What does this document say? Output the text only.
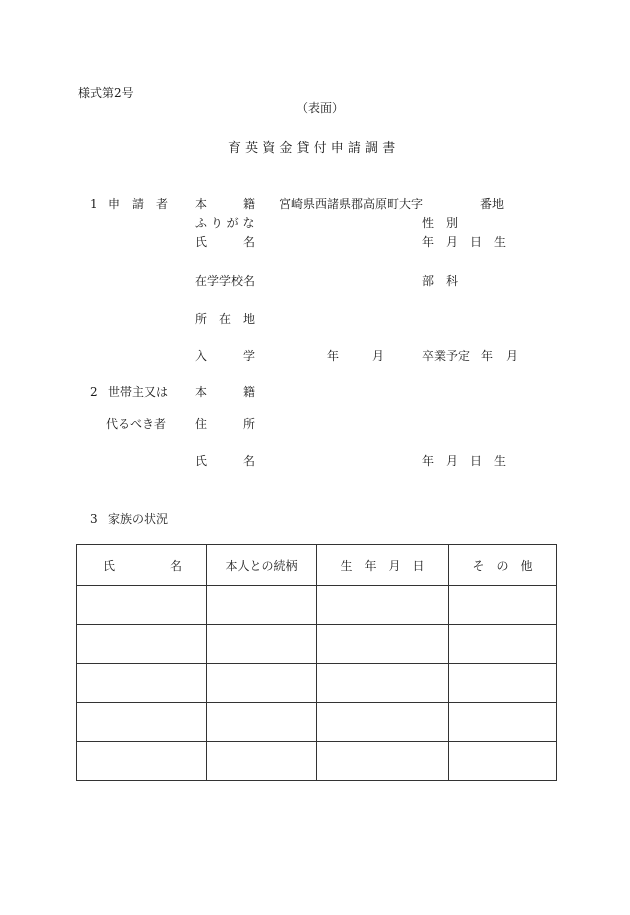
様式第2号
（表面）
育 英 資 金 貸 付 申 請 調 書
1 申　請　者 本　　　籍 宮崎県西諸県郡高原町大字	番地
ふ り が な	性　別
氏　　　名	年　月　日　生
在学学校名	部　科
所　在　地
入　　　学	年	月	卒業予定 年 月
2 世帯主又は 本　　　籍
代るべき者 住　　　所
氏　　　名	年　月　日　生
3 家族の状況
氏 名	本人との続柄	生　年　月　日	そ　の　他
